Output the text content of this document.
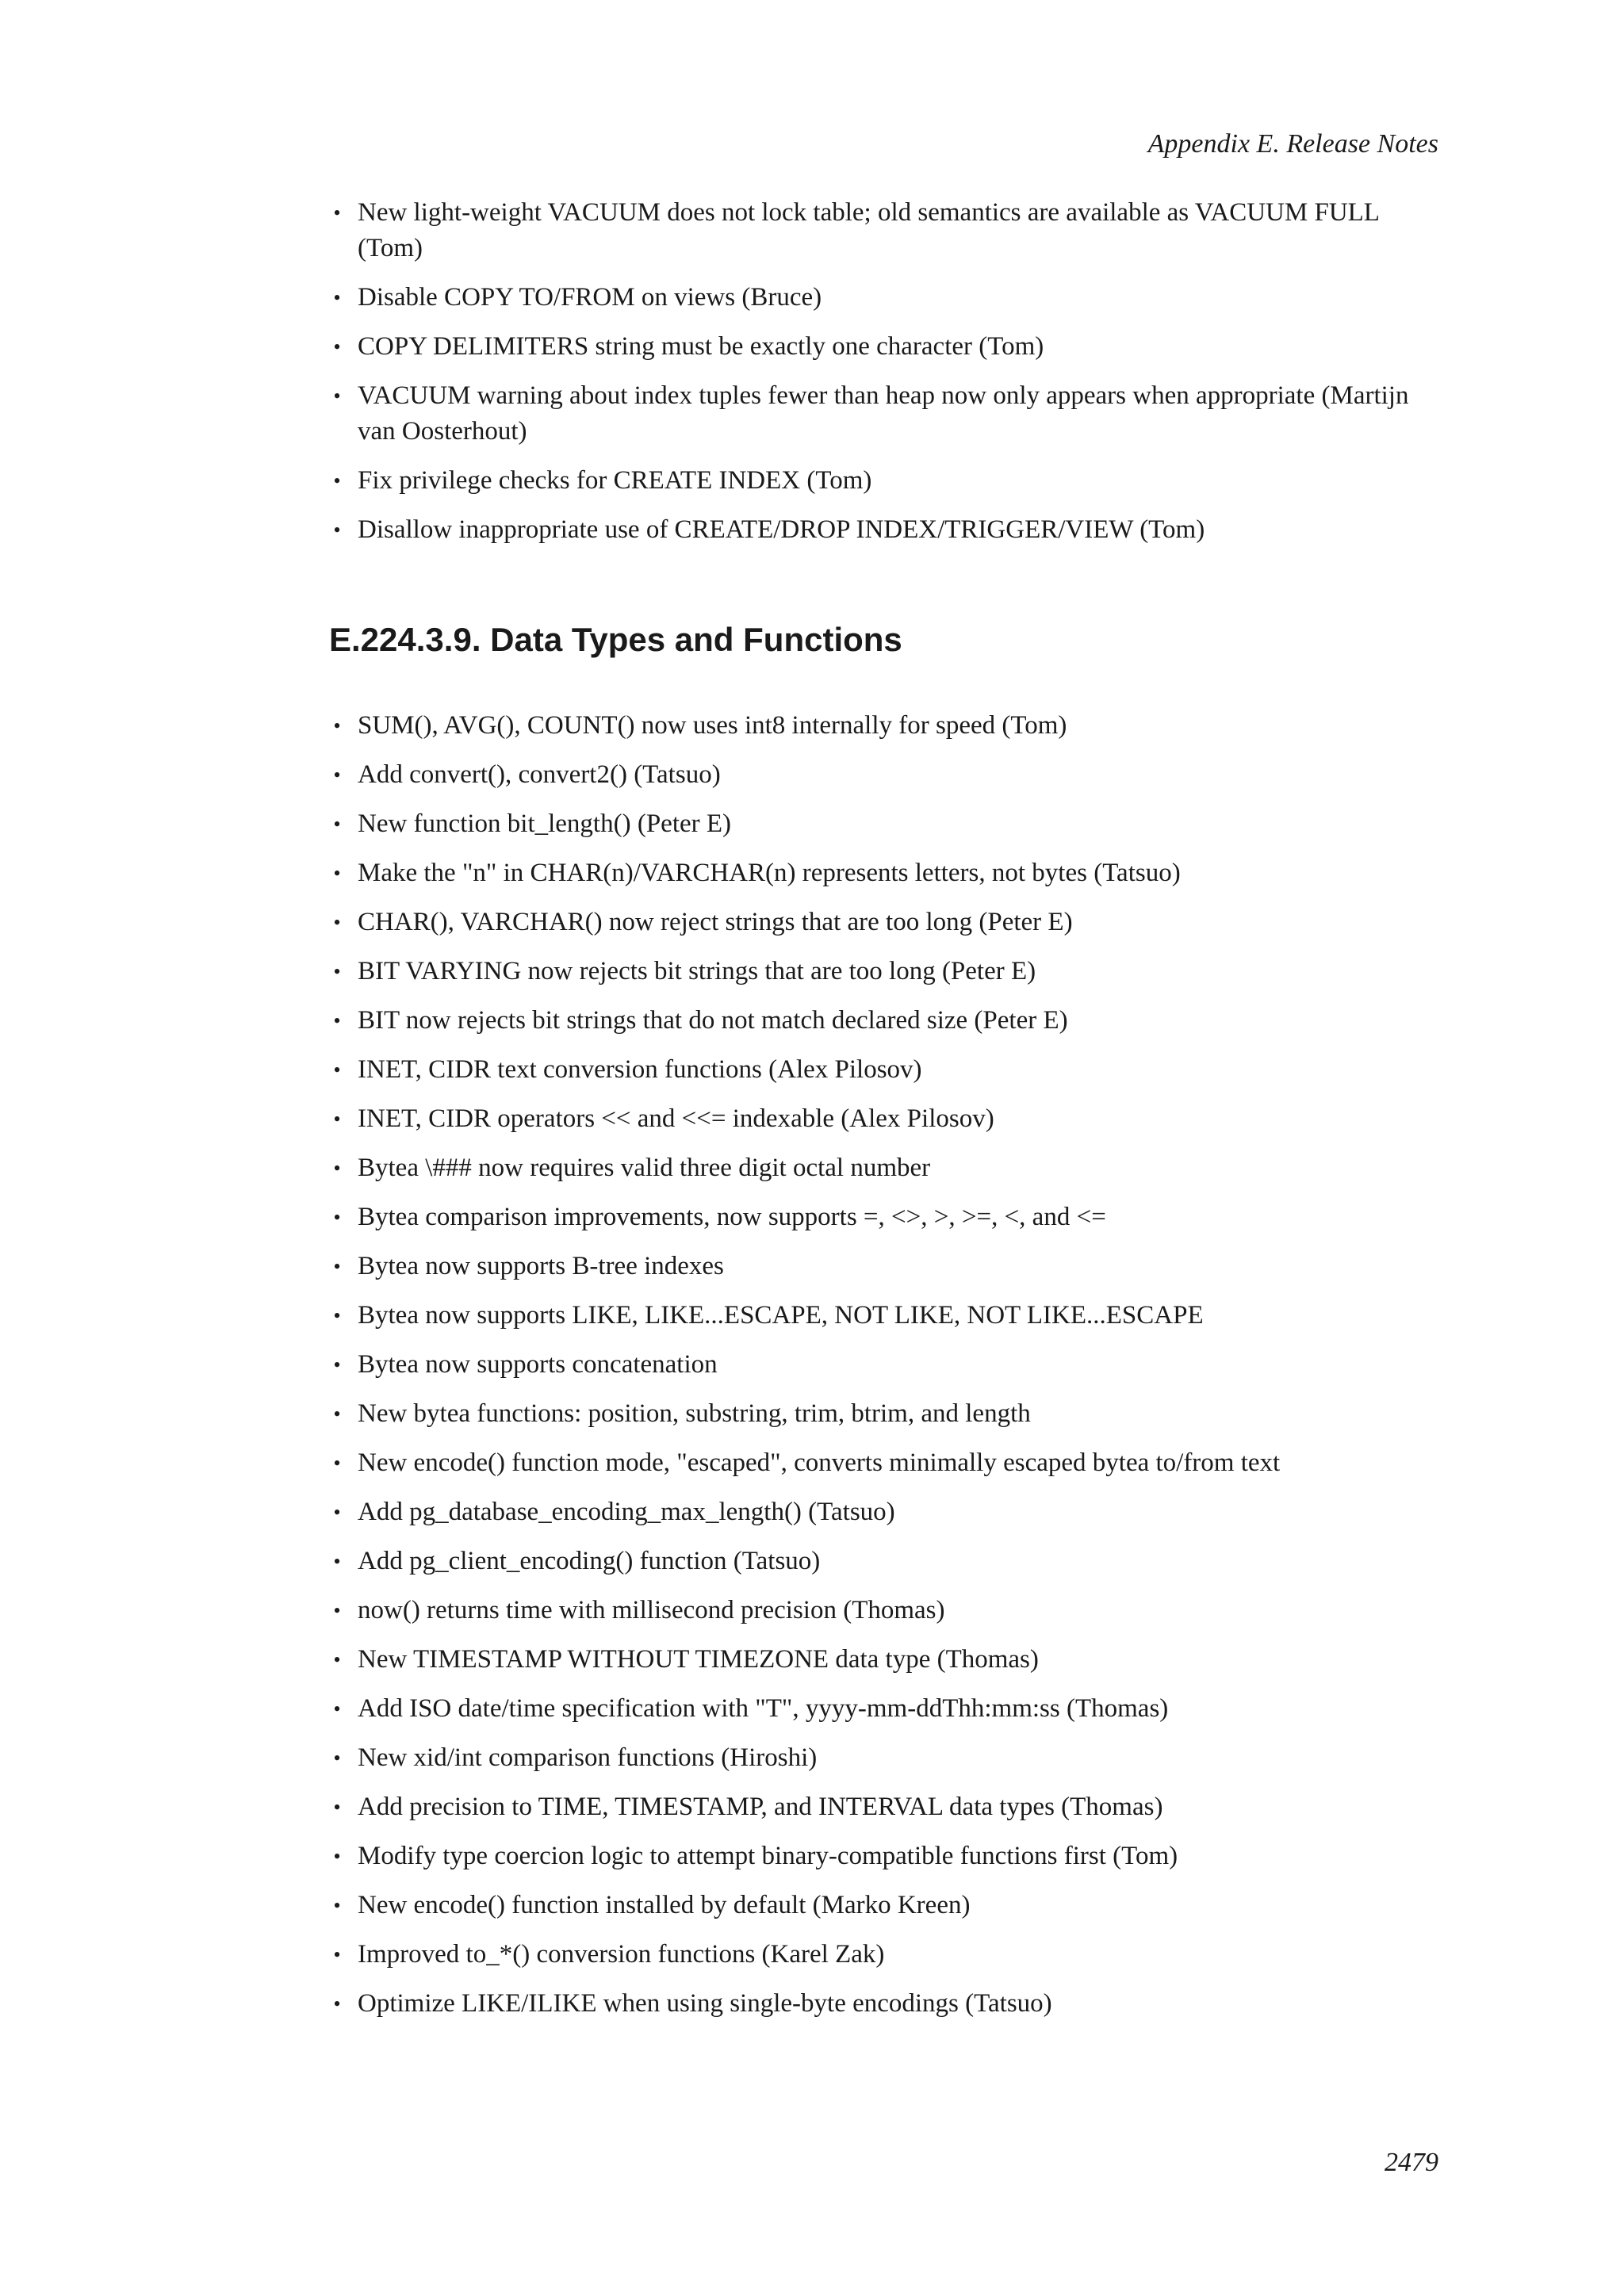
Appendix E. Release Notes
• New light-weight VACUUM does not lock table; old semantics are available as VACUUM FULL (Tom)
• Disable COPY TO/FROM on views (Bruce)
• COPY DELIMITERS string must be exactly one character (Tom)
• VACUUM warning about index tuples fewer than heap now only appears when appropriate (Martijn van Oosterhout)
• Fix privilege checks for CREATE INDEX (Tom)
• Disallow inappropriate use of CREATE/DROP INDEX/TRIGGER/VIEW (Tom)
E.224.3.9. Data Types and Functions
• SUM(), AVG(), COUNT() now uses int8 internally for speed (Tom)
• Add convert(), convert2() (Tatsuo)
• New function bit_length() (Peter E)
• Make the "n" in CHAR(n)/VARCHAR(n) represents letters, not bytes (Tatsuo)
• CHAR(), VARCHAR() now reject strings that are too long (Peter E)
• BIT VARYING now rejects bit strings that are too long (Peter E)
• BIT now rejects bit strings that do not match declared size (Peter E)
• INET, CIDR text conversion functions (Alex Pilosov)
• INET, CIDR operators << and <<= indexable (Alex Pilosov)
• Bytea \### now requires valid three digit octal number
• Bytea comparison improvements, now supports =, <>, >, >=, <, and <=
• Bytea now supports B-tree indexes
• Bytea now supports LIKE, LIKE...ESCAPE, NOT LIKE, NOT LIKE...ESCAPE
• Bytea now supports concatenation
• New bytea functions: position, substring, trim, btrim, and length
• New encode() function mode, "escaped", converts minimally escaped bytea to/from text
• Add pg_database_encoding_max_length() (Tatsuo)
• Add pg_client_encoding() function (Tatsuo)
• now() returns time with millisecond precision (Thomas)
• New TIMESTAMP WITHOUT TIMEZONE data type (Thomas)
• Add ISO date/time specification with "T", yyyy-mm-ddThh:mm:ss (Thomas)
• New xid/int comparison functions (Hiroshi)
• Add precision to TIME, TIMESTAMP, and INTERVAL data types (Thomas)
• Modify type coercion logic to attempt binary-compatible functions first (Tom)
• New encode() function installed by default (Marko Kreen)
• Improved to_*() conversion functions (Karel Zak)
• Optimize LIKE/ILIKE when using single-byte encodings (Tatsuo)
2479
